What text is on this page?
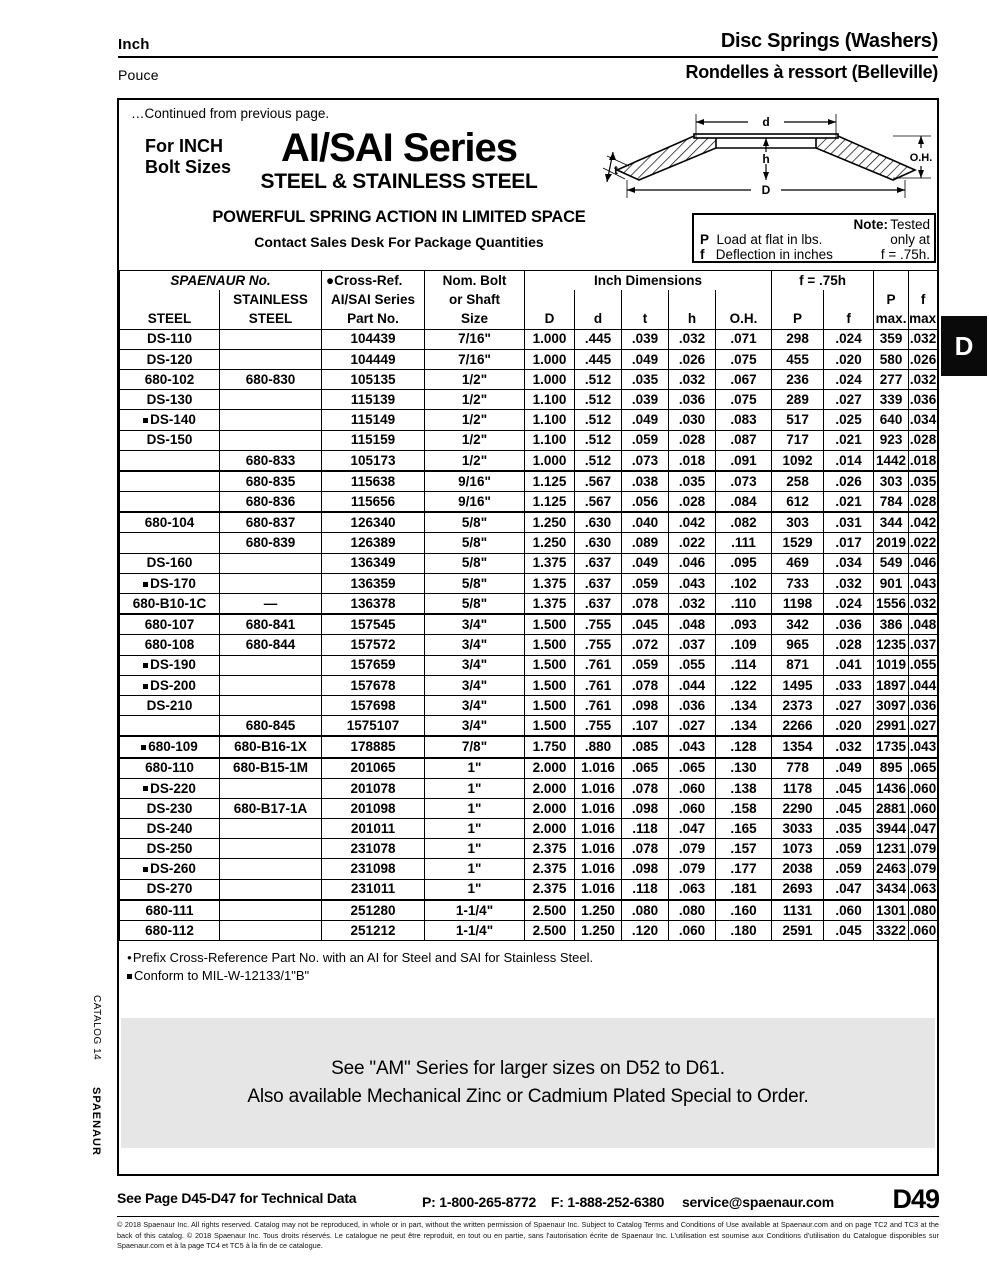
Inch	Disc Springs (Washers)
Pouce	Rondelles à ressort (Belleville)
…Continued from previous page.
For INCH
Bolt Sizes	AI/SAI Series
STEEL & STAINLESS STEEL
POWERFUL SPRING ACTION IN LIMITED SPACE
Contact Sales Desk For Package Quantities
d
h
D
t
O.H.
Note: Tested
only at
f = .75h.
P Load at flat in lbs.
f Deflection in inches
SPAENAUR No.		●Cross-Ref.	Nom. Bolt	Inch Dimensions					f = .75h			
	STAINLESS	AI/SAI Series	or Shaft								P	f
STEEL	STEEL	Part No.	Size	D	d	t	h	O.H.	P	f	max.	max.
DS-110		104439	7/16"	1.000	.445	.039	.032	.071	298	.024	359	.032
DS-120		104449	7/16"	1.000	.445	.049	.026	.075	455	.020	580	.026
680-102	680-830	105135	1/2"	1.000	.512	.035	.032	.067	236	.024	277	.032
DS-130		115139	1/2"	1.100	.512	.039	.036	.075	289	.027	339	.036
DS-140		115149	1/2"	1.100	.512	.049	.030	.083	517	.025	640	.034
DS-150		115159	1/2"	1.100	.512	.059	.028	.087	717	.021	923	.028
	680-833	105173	1/2"	1.000	.512	.073	.018	.091	1092	.014	1442	.018
	680-835	115638	9/16"	1.125	.567	.038	.035	.073	258	.026	303	.035
	680-836	115656	9/16"	1.125	.567	.056	.028	.084	612	.021	784	.028
680-104	680-837	126340	5/8"	1.250	.630	.040	.042	.082	303	.031	344	.042
	680-839	126389	5/8"	1.250	.630	.089	.022	.111	1529	.017	2019	.022
DS-160		136349	5/8"	1.375	.637	.049	.046	.095	469	.034	549	.046
DS-170		136359	5/8"	1.375	.637	.059	.043	.102	733	.032	901	.043
680-B10-1C	—	136378	5/8"	1.375	.637	.078	.032	.110	1198	.024	1556	.032
680-107	680-841	157545	3/4"	1.500	.755	.045	.048	.093	342	.036	386	.048
680-108	680-844	157572	3/4"	1.500	.755	.072	.037	.109	965	.028	1235	.037
DS-190		157659	3/4"	1.500	.761	.059	.055	.114	871	.041	1019	.055
DS-200		157678	3/4"	1.500	.761	.078	.044	.122	1495	.033	1897	.044
DS-210		157698	3/4"	1.500	.761	.098	.036	.134	2373	.027	3097	.036
	680-845	1575107	3/4"	1.500	.755	.107	.027	.134	2266	.020	2991	.027
680-109	680-B16-1X	178885	7/8"	1.750	.880	.085	.043	.128	1354	.032	1735	.043
680-110	680-B15-1M	201065	1"	2.000	1.016	.065	.065	.130	778	.049	895	.065
DS-220		201078	1"	2.000	1.016	.078	.060	.138	1178	.045	1436	.060
DS-230	680-B17-1A	201098	1"	2.000	1.016	.098	.060	.158	2290	.045	2881	.060
DS-240		201011	1"	2.000	1.016	.118	.047	.165	3033	.035	3944	.047
DS-250		231078	1"	2.375	1.016	.078	.079	.157	1073	.059	1231	.079
DS-260		231098	1"	2.375	1.016	.098	.079	.177	2038	.059	2463	.079
DS-270		231011	1"	2.375	1.016	.118	.063	.181	2693	.047	3434	.063
680-111		251280	1-1/4"	2.500	1.250	.080	.080	.160	1131	.060	1301	.080
680-112		251212	1-1/4"	2.500	1.250	.120	.060	.180	2591	.045	3322	.060
● Prefix Cross-Reference Part No. with an AI for Steel and SAI for Stainless Steel.
Conform to MIL-W-12133/1"B"
See "AM" Series for larger sizes on D52 to D61.
Also available Mechanical Zinc or Cadmium Plated Special to Order.
D
CATALOG 14
SPAENAUR
See Page D45-D47 for Technical Data	P: 1-800-265-8772 F: 1-888-252-6380 service@spaenaur.com D49
© 2018 Spaenaur Inc. All rights reserved. Catalog may not be reproduced, in whole or in part, without the written permission of Spaenaur Inc. Subject to Catalog Terms and Conditions of Use available at Spaenaur.com and on page TC2 and TC3 at the back of this catalog. © 2018 Spaenaur Inc. Tous droits réservés. Le catalogue ne peut être reproduit, en tout ou en partie, sans l'autorisation écrite de Spaenaur Inc. L'utilisation est soumise aux Conditions d'utilisation du Catalogue disponibles sur Spaenaur.com et à la page TC4 et TC5 à la fin de ce catalogue.
